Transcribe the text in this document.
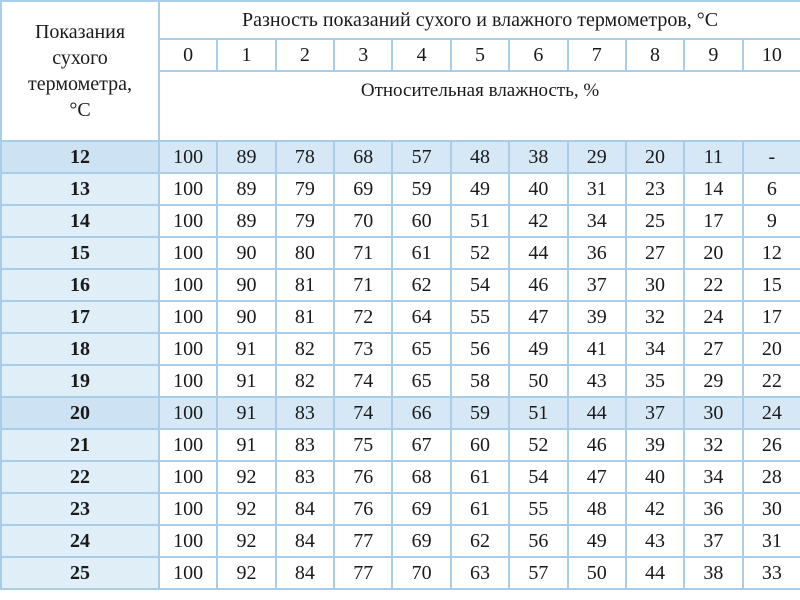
Показания
сухого
термометра,
°С	Разность показаний сухого и влажного термометров, °С										
	0	1	2	3	4	5	6	7	8	9	10
	Относительная влажность, %										
12	100	89	78	68	57	48	38	29	20	11	-
13	100	89	79	69	59	49	40	31	23	14	6
14	100	89	79	70	60	51	42	34	25	17	9
15	100	90	80	71	61	52	44	36	27	20	12
16	100	90	81	71	62	54	46	37	30	22	15
17	100	90	81	72	64	55	47	39	32	24	17
18	100	91	82	73	65	56	49	41	34	27	20
19	100	91	82	74	65	58	50	43	35	29	22
20	100	91	83	74	66	59	51	44	37	30	24
21	100	91	83	75	67	60	52	46	39	32	26
22	100	92	83	76	68	61	54	47	40	34	28
23	100	92	84	76	69	61	55	48	42	36	30
24	100	92	84	77	69	62	56	49	43	37	31
25	100	92	84	77	70	63	57	50	44	38	33
